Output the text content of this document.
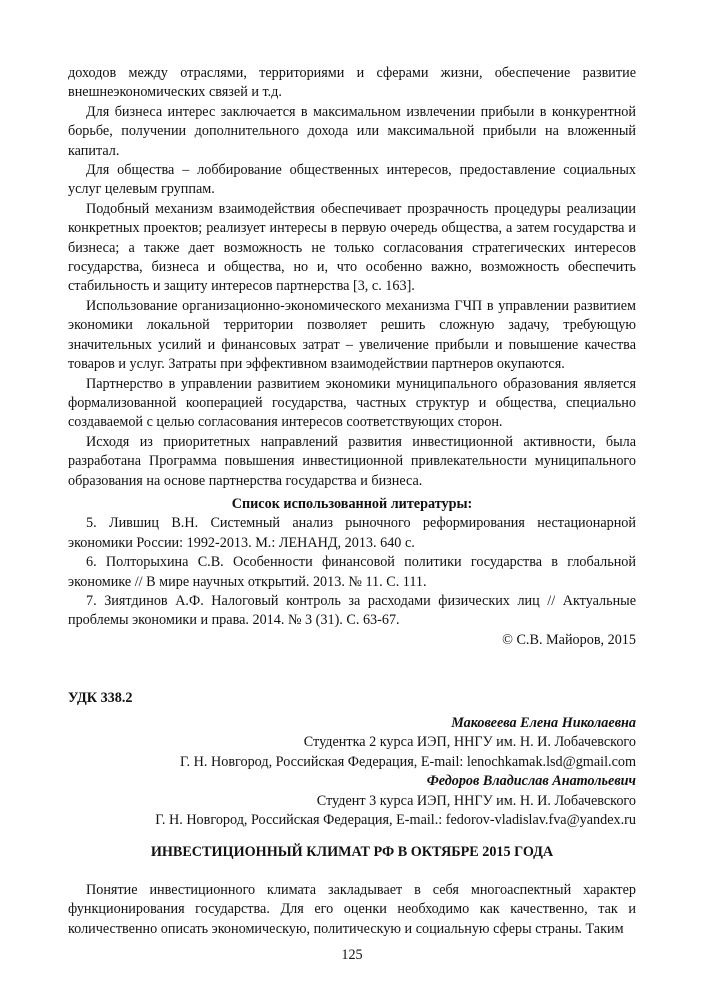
доходов между отраслями, территориями и сферами жизни, обеспечение развитие внешнеэкономических связей и т.д.

Для бизнеса интерес заключается в максимальном извлечении прибыли в конкурентной борьбе, получении дополнительного дохода или максимальной прибыли на вложенный капитал.

Для общества – лоббирование общественных интересов, предоставление социальных услуг целевым группам.

Подобный механизм взаимодействия обеспечивает прозрачность процедуры реализации конкретных проектов; реализует интересы в первую очередь общества, а затем государства и бизнеса; а также дает возможность не только согласования стратегических интересов государства, бизнеса и общества, но и, что особенно важно, возможность обеспечить стабильность и защиту интересов партнерства [3, с. 163].

Использование организационно-экономического механизма ГЧП в управлении развитием экономики локальной территории позволяет решить сложную задачу, требующую значительных усилий и финансовых затрат – увеличение прибыли и повышение качества товаров и услуг. Затраты при эффективном взаимодействии партнеров окупаются.

Партнерство в управлении развитием экономики муниципального образования является формализованной кооперацией государства, частных структур и общества, специально создаваемой с целью согласования интересов соответствующих сторон.

Исходя из приоритетных направлений развития инвестиционной активности, была разработана Программа повышения инвестиционной привлекательности муниципального образования на основе партнерства государства и бизнеса.

Список использованной литературы:

5. Лившиц В.Н. Системный анализ рыночного реформирования нестационарной экономики России: 1992-2013. М.: ЛЕНАНД, 2013. 640 с.

6. Полторыхина С.В. Особенности финансовой политики государства в глобальной экономике // В мире научных открытий. 2013. № 11. С. 111.

7. Зиятдинов А.Ф. Налоговый контроль за расходами физических лиц // Актуальные проблемы экономики и права. 2014. № 3 (31). С. 63-67.

© С.В. Майоров, 2015

УДК 338.2

Маковеева Елена Николаевна

Студентка 2 курса ИЭП, ННГУ им. Н. И. Лобачевского

Г. Н. Новгород, Российская Федерация, E-mail: lenochkamak.lsd@gmail.com

Федоров Владислав Анатольевич

Студент 3 курса ИЭП, ННГУ им. Н. И. Лобачевского

Г. Н. Новгород, Российская Федерация, E-mail.: fedorov-vladislav.fva@yandex.ru

ИНВЕСТИЦИОННЫЙ КЛИМАТ РФ В ОКТЯБРЕ 2015 ГОДА

Понятие инвестиционного климата закладывает в себя многоаспектный характер функционирования государства. Для его оценки необходимо как качественно, так и количественно описать экономическую, политическую и социальную сферы страны. Таким

125
